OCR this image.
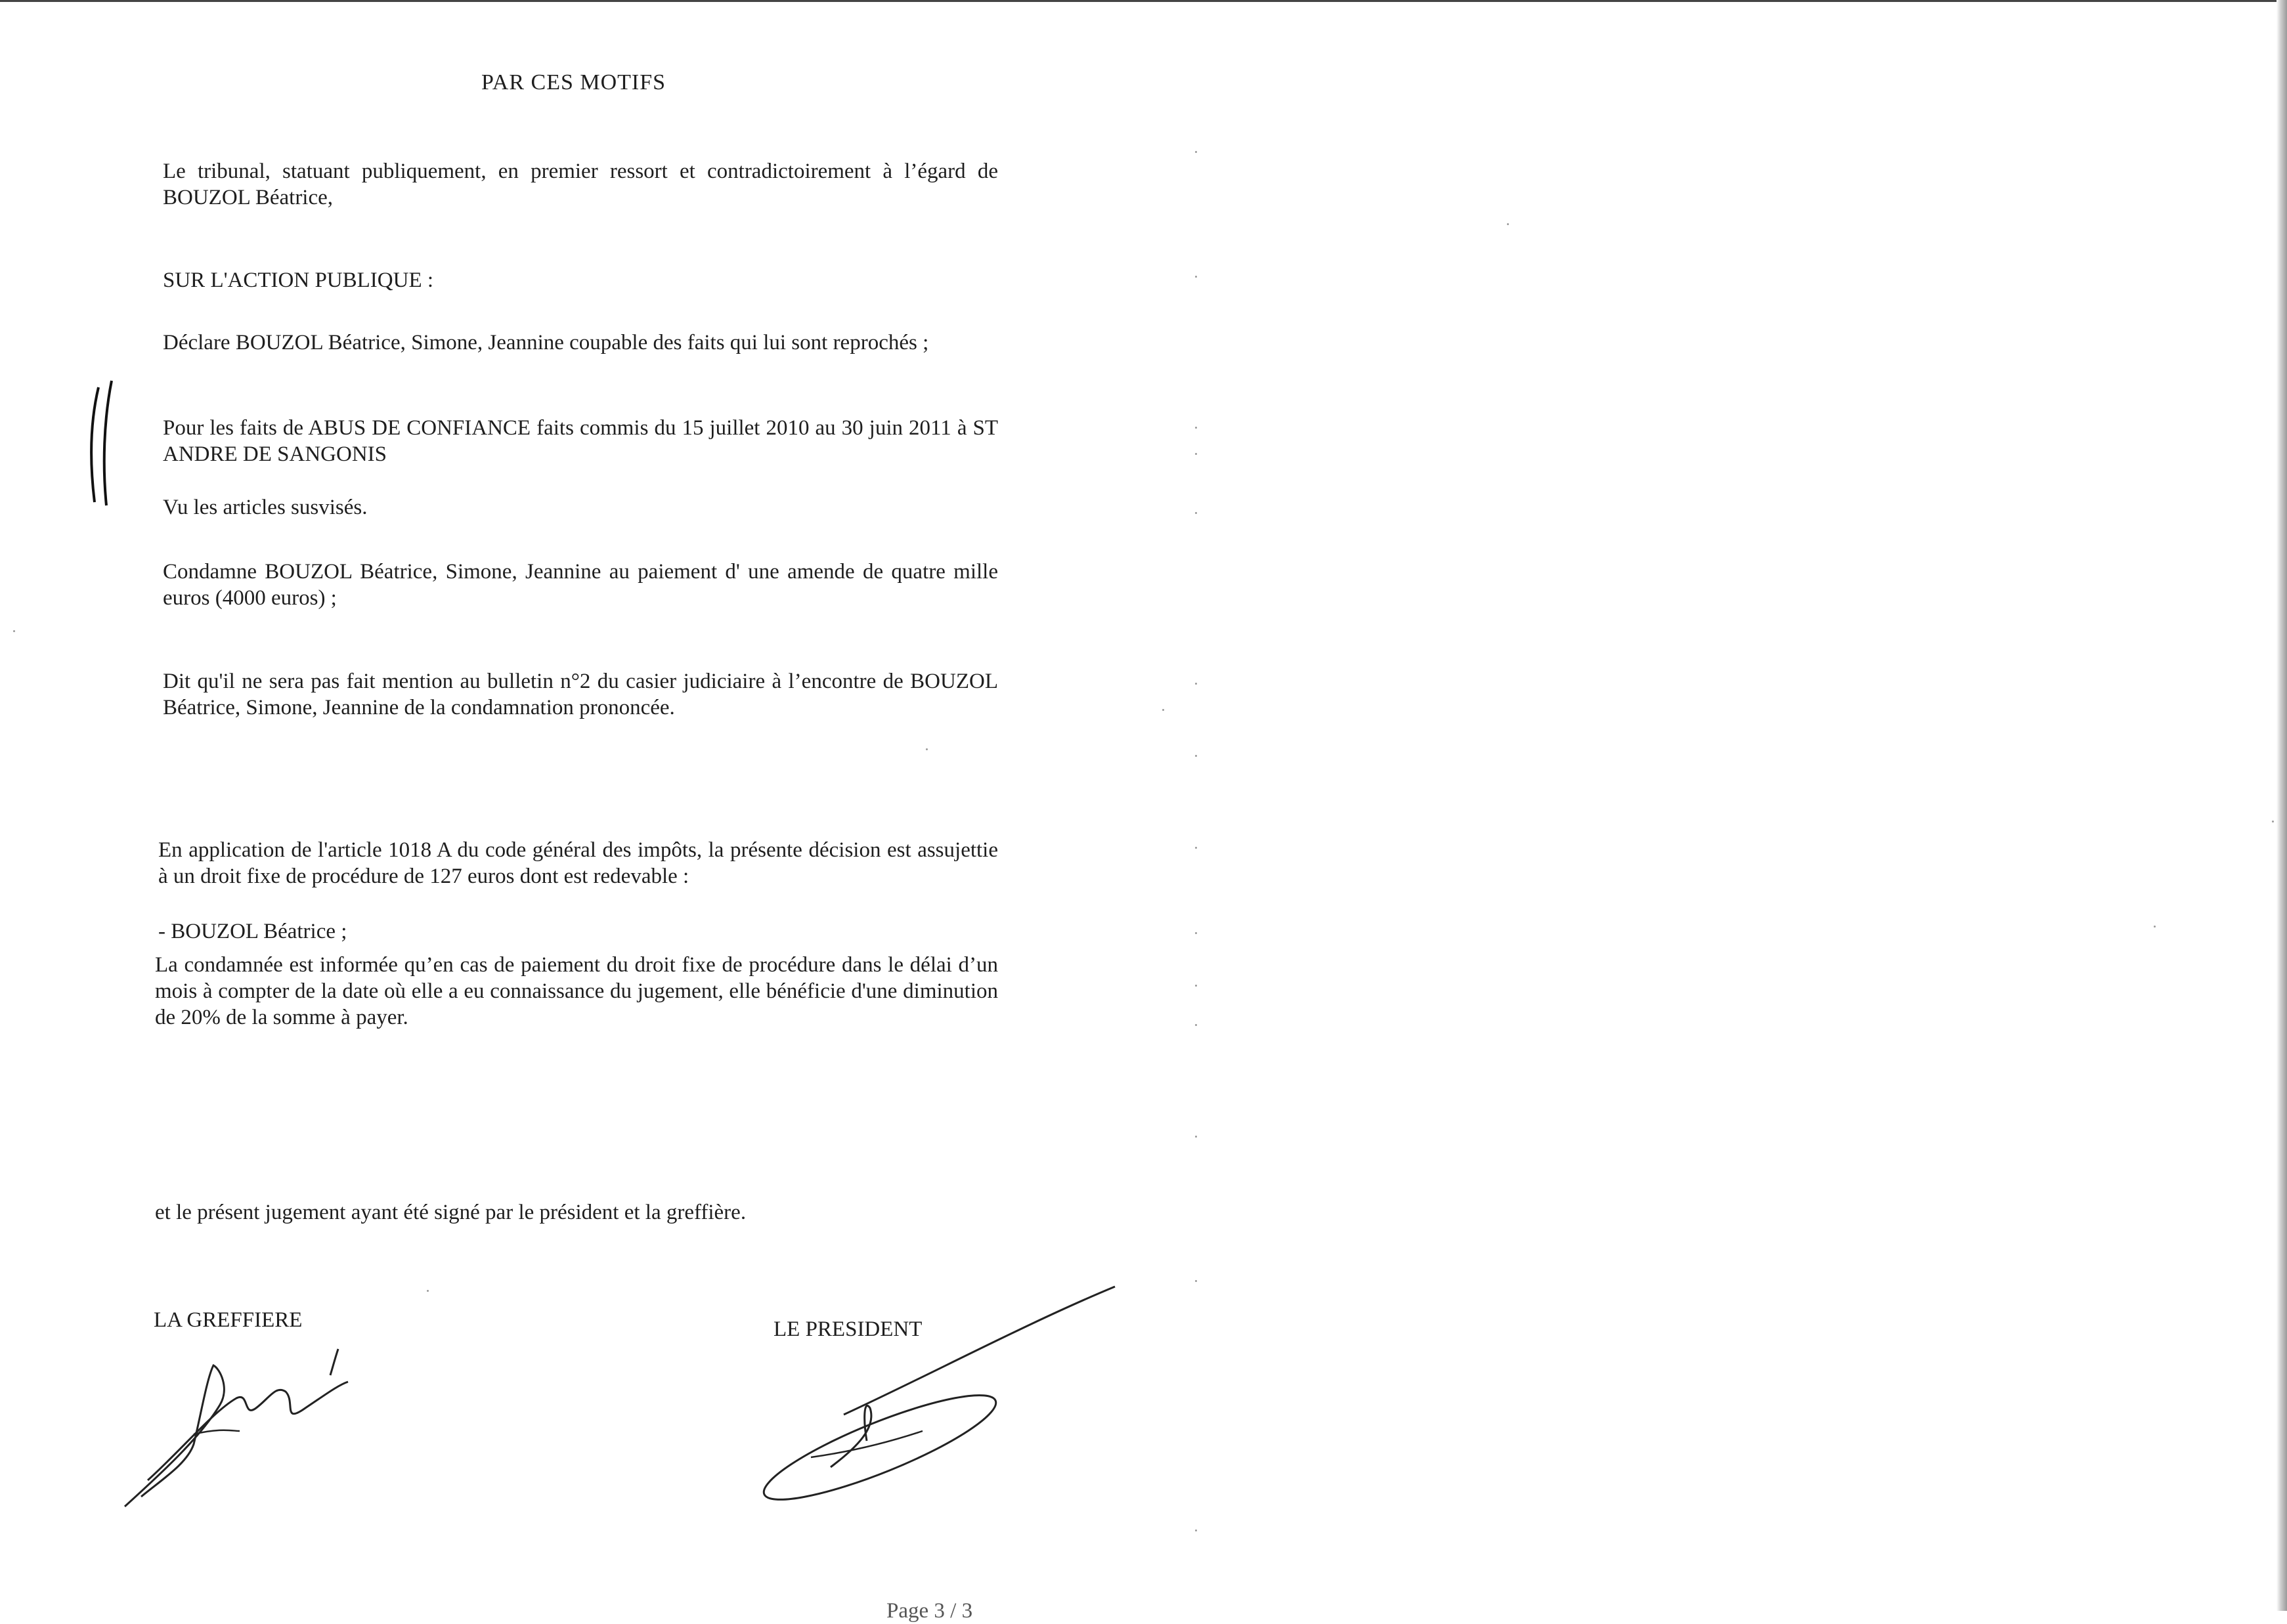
PAR CES MOTIFS
Le tribunal, statuant publiquement, en premier ressort et contradictoirement à l’égard de BOUZOL Béatrice,
SUR L'ACTION PUBLIQUE :
Déclare BOUZOL Béatrice, Simone, Jeannine coupable des faits qui lui sont reprochés ;
Pour les faits de ABUS DE CONFIANCE faits commis du 15 juillet 2010 au 30 juin 2011 à ST ANDRE DE SANGONIS
Vu les articles susvisés.
Condamne BOUZOL Béatrice, Simone, Jeannine au paiement d' une amende de quatre mille euros (4000 euros) ;
Dit qu'il ne sera pas fait mention au bulletin n°2 du casier judiciaire à l’encontre de BOUZOL Béatrice, Simone, Jeannine de la condamnation prononcée.
En application de l'article 1018 A du code général des impôts, la présente décision est assujettie à un droit fixe de procédure de 127 euros dont est redevable :
- BOUZOL Béatrice ;
La condamnée est informée qu’en cas de paiement du droit fixe de procédure dans le délai d’un mois à compter de la date où elle a eu connaissance du jugement, elle bénéficie d'une diminution de 20% de la somme à payer.
et le présent jugement ayant été signé par le président et la greffière.
LA GREFFIERE	LE PRESIDENT
Page 3 / 3
